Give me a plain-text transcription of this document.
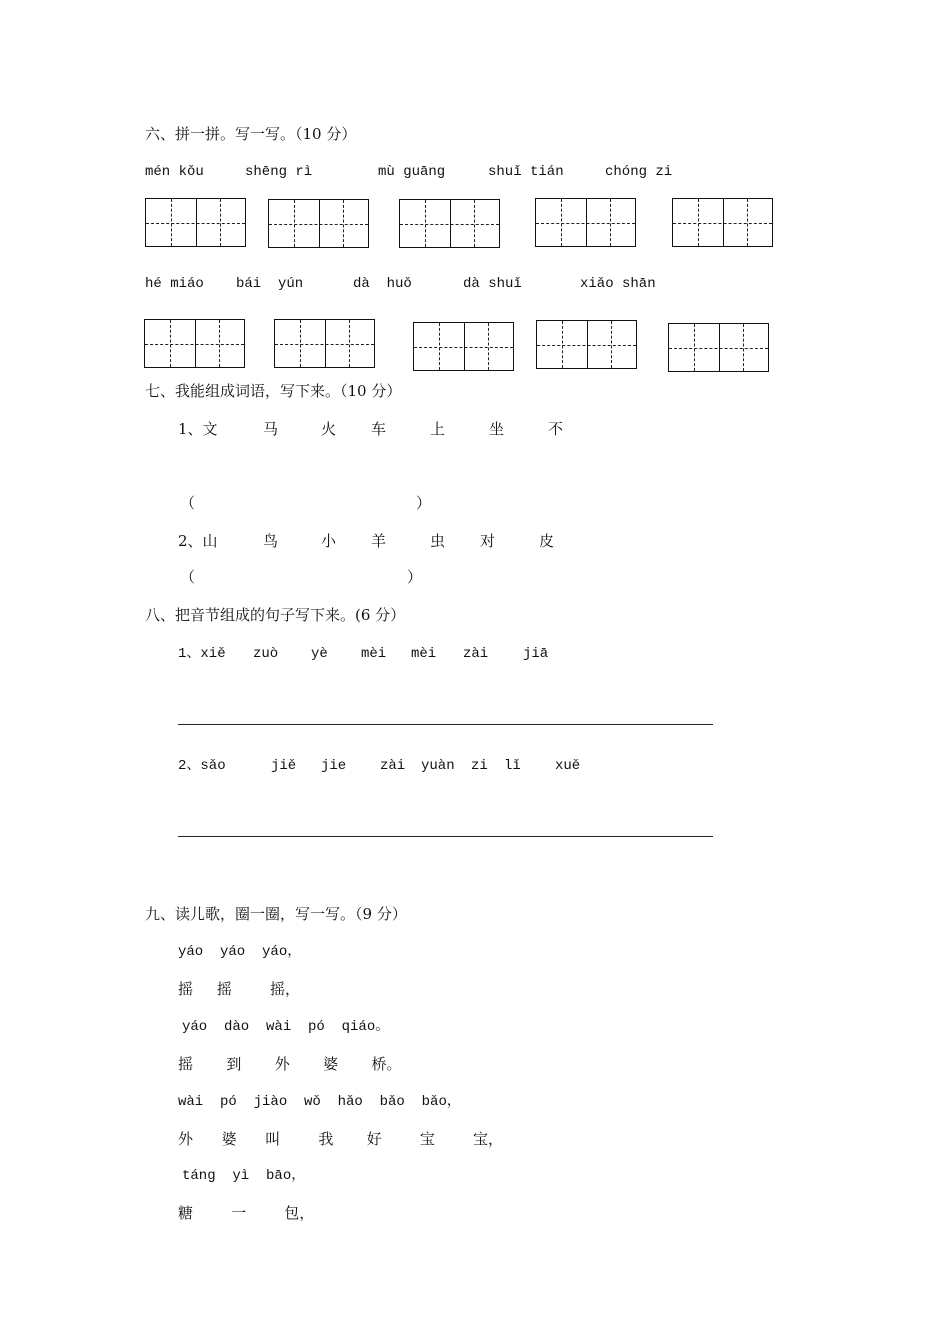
六、拼一拼。写一写。（10 分）
mén kǒu	shēng rì	mù guāng	shuǐ tián	chóng zi
hé miáo bái  yún	dà  huǒ	dà shuǐ	xiǎo shān
七、我能组成词语，写下来。（10 分）
1、文	马	火 车	上	坐	不
（	）
2、山	鸟	小 羊	虫 对	皮
（	）
八、把音节组成的句子写下来。(6 分）
1、xiě zuò yè mèi mèi zài jiā
2、sǎo	jiě jie zài yuàn zi lǐ xuě
九、读儿歌，圈一圈，写一写。（9 分）
yáo  yáo  yáo，
摇     摇        摇，
yáo  dào  wài  pó  qiáo。
摇       到       外       婆       桥。
wài  pó  jiào  wǒ  hǎo  bǎo  bǎo，
外      婆      叫        我       好        宝        宝，
táng  yì  bāo，
糖        一        包，
